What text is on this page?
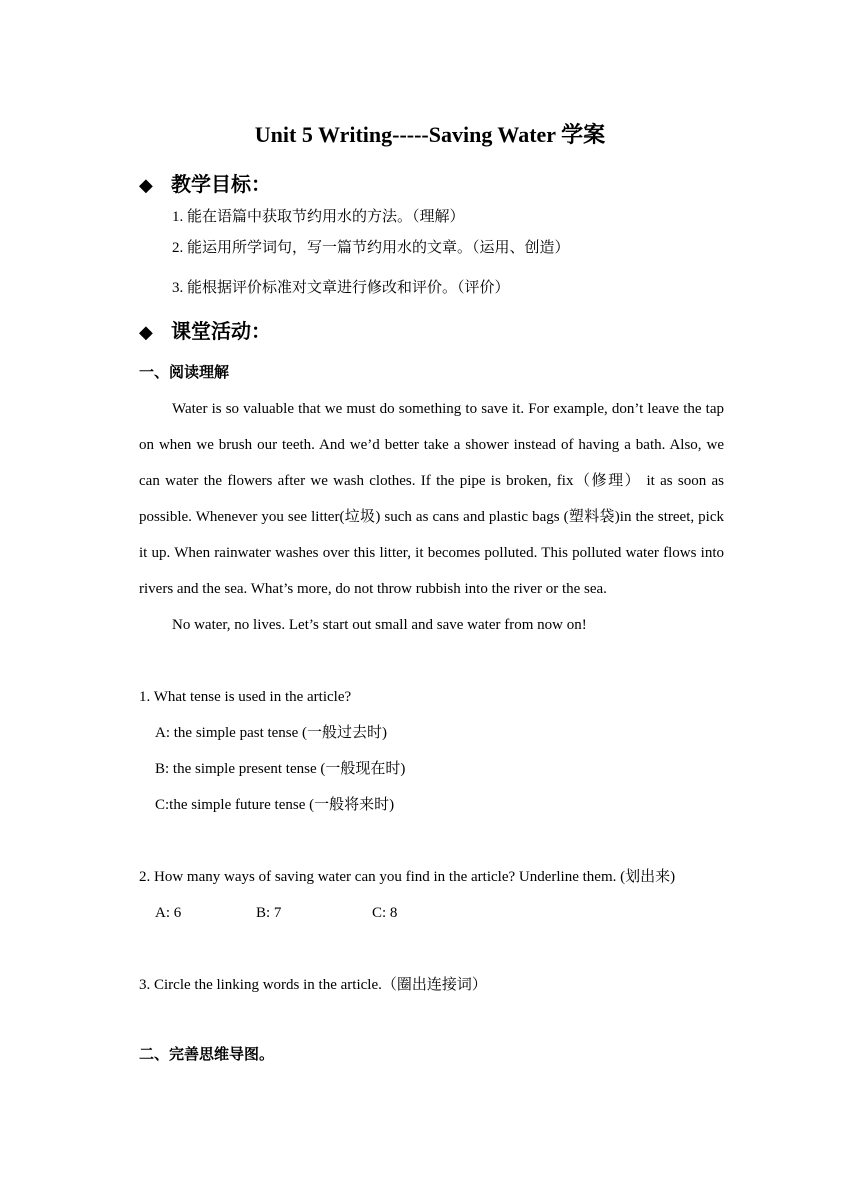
Unit 5 Writing-----Saving Water 学案
◆ 教学目标：
1. 能在语篇中获取节约用水的方法。（理解）
2. 能运用所学词句，写一篇节约用水的文章。（运用、创造）
3. 能根据评价标准对文章进行修改和评价。（评价）
◆ 课堂活动：
一、阅读理解

Water is so valuable that we must do something to save it. For example, don’t leave the tap on when we brush our teeth. And we’d better take a shower instead of having a bath. Also, we can water the flowers after we wash clothes. If the pipe is broken, fix（修理） it as soon as possible. Whenever you see litter(垃圾) such as cans and plastic bags (塑料袋)in the street, pick it up. When rainwater washes over this litter, it becomes polluted. This polluted water flows into rivers and the sea. What’s more, do not throw rubbish into the river or the sea.

No water, no lives. Let’s start out small and save water from now on!

1. What tense is used in the article?
A: the simple past tense (一般过去时)
B: the simple present tense (一般现在时)
C:the simple future tense (一般将来时)
2. How many ways of saving water can you find in the article? Underline them. (划出来)
A: 6	B: 7	C: 8
3. Circle the linking words in the article.（圈出连接词）
二、完善思维导图。
